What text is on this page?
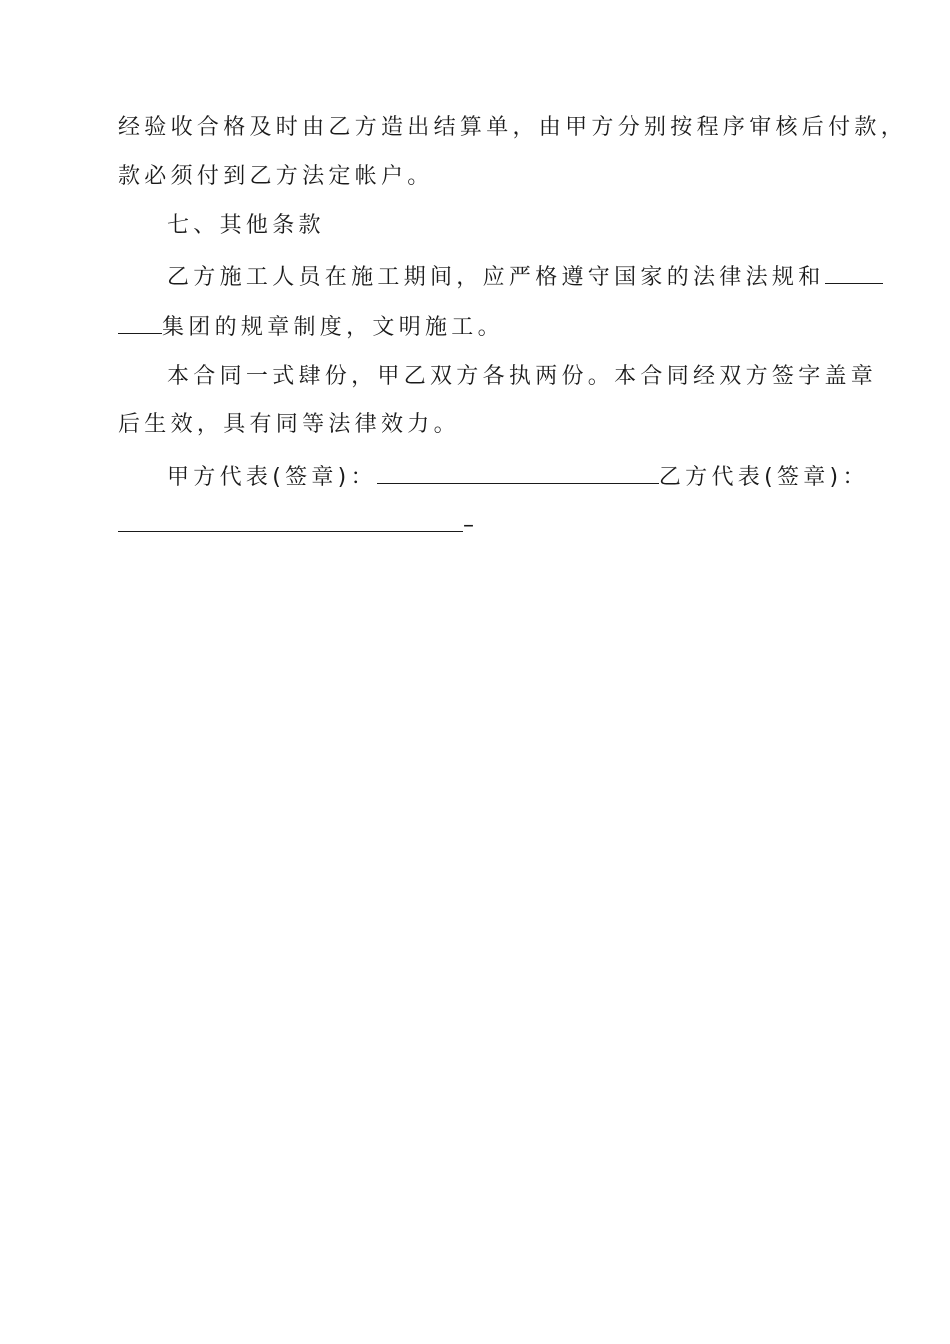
经验收合格及时由乙方造出结算单，由甲方分别按程序审核后付款，
款必须付到乙方法定帐户。
七、其他条款
乙方施工人员在施工期间，应严格遵守国家的法律法规和
集团的规章制度，文明施工。
本合同一式肆份，甲乙双方各执两份。本合同经双方签字盖章
后生效，具有同等法律效力。
甲方代表(签章)：	乙方代表(签章)：
–
